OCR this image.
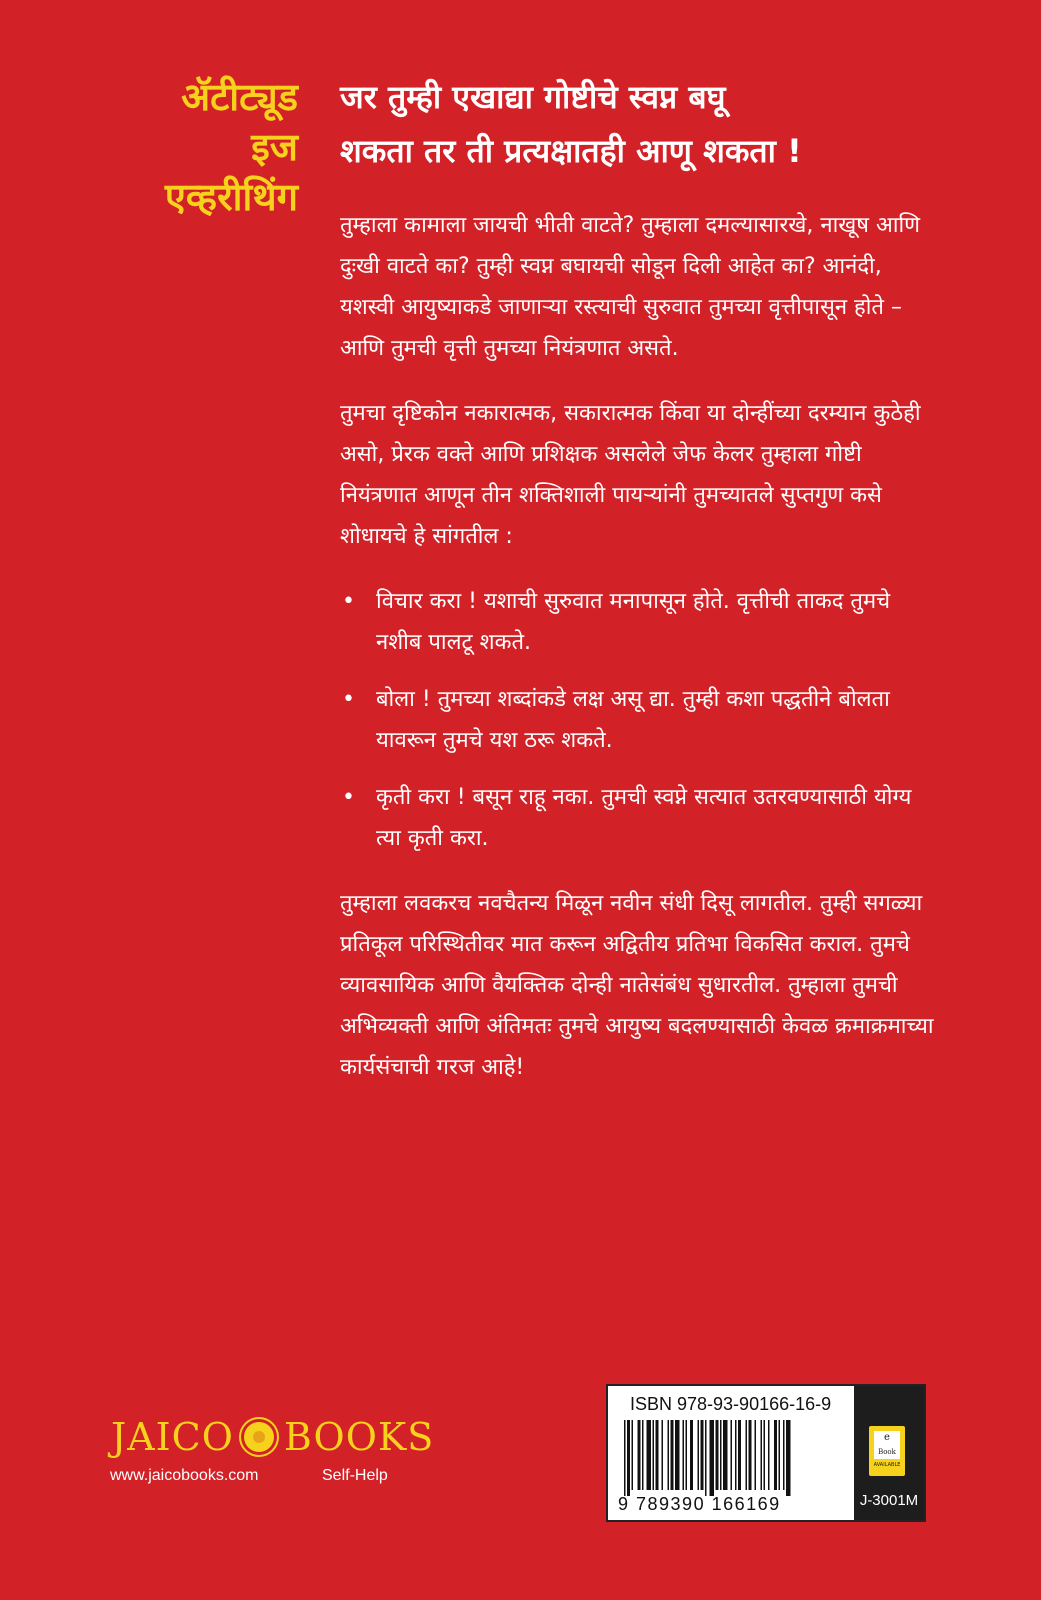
ॲटीट्यूड
इज
एव्हरीथिंग
जर तुम्ही एखाद्या गोष्टीचे स्वप्न बघू
शकता तर ती प्रत्यक्षातही आणू शकता !

तुम्हाला कामाला जायची भीती वाटते? तुम्हाला दमल्यासारखे, नाखूष आणि दुःखी वाटते का? तुम्ही स्वप्न बघायची सोडून दिली आहेत का? आनंदी, यशस्वी आयुष्याकडे जाणाऱ्या रस्त्याची सुरुवात तुमच्या वृत्तीपासून होते – आणि तुमची वृत्ती तुमच्या नियंत्रणात असते.

तुमचा दृष्टिकोन नकारात्मक, सकारात्मक किंवा या दोन्हींच्या दरम्यान कुठेही असो, प्रेरक वक्ते आणि प्रशिक्षक असलेले जेफ केलर तुम्हाला गोष्टी नियंत्रणात आणून तीन शक्तिशाली पायऱ्यांनी तुमच्यातले सुप्तगुण कसे शोधायचे हे सांगतील :

• विचार करा ! यशाची सुरुवात मनापासून होते. वृत्तीची ताकद तुमचे नशीब पालटू शकते.
• बोला ! तुमच्या शब्दांकडे लक्ष असू द्या. तुम्ही कशा पद्धतीने बोलता यावरून तुमचे यश ठरू शकते.
• कृती करा ! बसून राहू नका. तुमची स्वप्ने सत्यात उतरवण्यासाठी योग्य त्या कृती करा.

तुम्हाला लवकरच नवचैतन्य मिळून नवीन संधी दिसू लागतील. तुम्ही सगळ्या प्रतिकूल परिस्थितीवर मात करून अद्वितीय प्रतिभा विकसित कराल. तुमचे व्यावसायिक आणि वैयक्तिक दोन्ही नातेसंबंध सुधारतील. तुम्हाला तुमची अभिव्यक्ती आणि अंतिमतः तुमचे आयुष्य बदलण्यासाठी केवळ क्रमाक्रमाच्या कार्यसंचाची गरज आहे!

JAICO BOOKS
www.jaicobooks.com	Self-Help
ISBN 978-93-90166-16-9
9 789390 166169
e
Book
AVAILABLE
J-3001M
